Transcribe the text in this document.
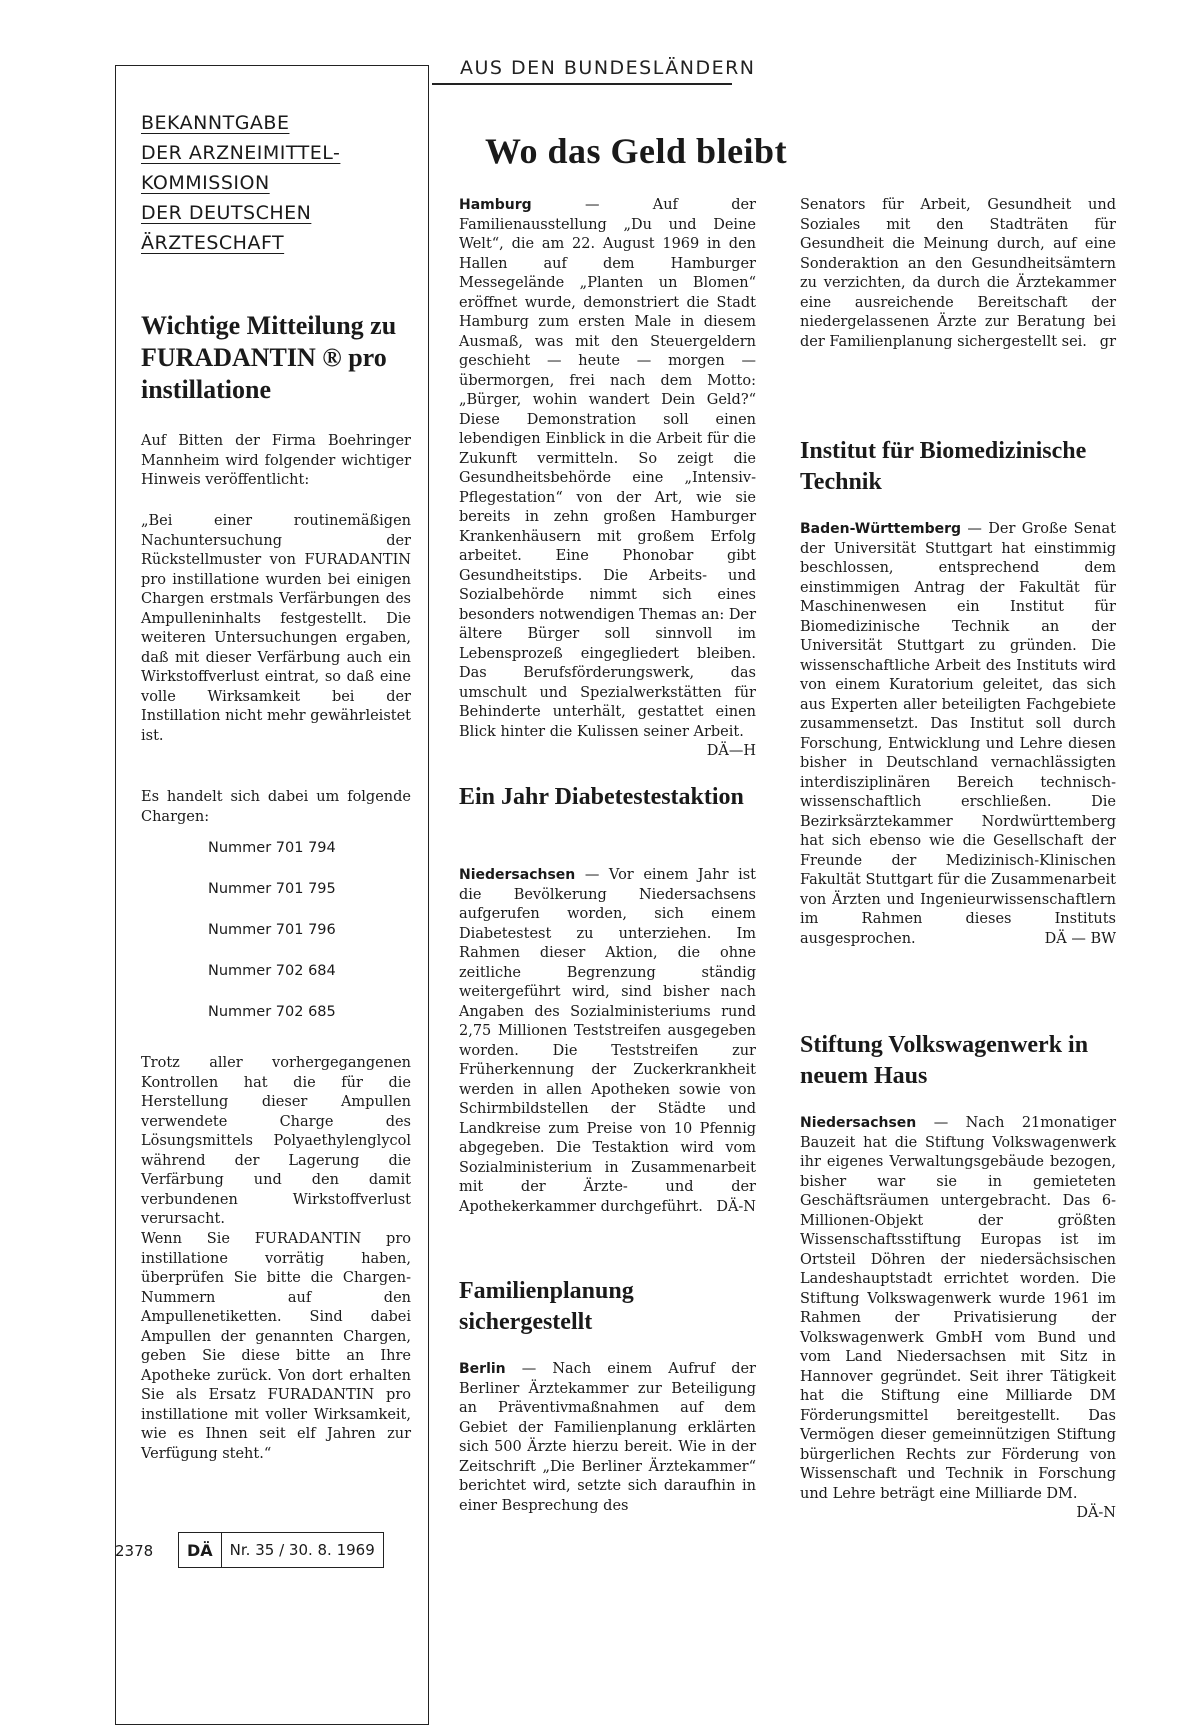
AUS DEN BUNDESLÄNDERN
BEKANNTGABE
DER ARZNEIMITTEL-
KOMMISSION
DER DEUTSCHEN
ÄRZTESCHAFT
Wichtige Mitteilung zu FURADANTIN ® pro instillatione

Auf Bitten der Firma Boehringer Mannheim wird folgender wichtiger Hinweis veröffentlicht:

„Bei einer routinemäßigen Nachuntersuchung der Rückstellmuster von FURADANTIN pro instillatione wurden bei einigen Chargen erstmals Verfärbungen des Ampulleninhalts festgestellt. Die weiteren Untersuchungen ergaben, daß mit dieser Verfärbung auch ein Wirkstoffverlust eintrat, so daß eine volle Wirksamkeit bei der Instillation nicht mehr gewährleistet ist.

Es handelt sich dabei um folgende Chargen:

Nummer 701 794
Nummer 701 795
Nummer 701 796
Nummer 702 684
Nummer 702 685

Trotz aller vorhergegangenen Kontrollen hat die für die Herstellung dieser Ampullen verwendete Charge des Lösungsmittels Polyaethylenglycol während der Lagerung die Verfärbung und den damit verbundenen Wirkstoffverlust verursacht.

Wenn Sie FURADANTIN pro instillatione vorrätig haben, überprüfen Sie bitte die Chargen-Nummern auf den Ampullenetiketten. Sind dabei Ampullen der genannten Chargen, geben Sie diese bitte an Ihre Apotheke zurück. Von dort erhalten Sie als Ersatz FURADANTIN pro instillatione mit voller Wirksamkeit, wie es Ihnen seit elf Jahren zur Verfügung steht.“

Wo das Geld bleibt

Hamburg — Auf der Familienausstellung „Du und Deine Welt“, die am 22. August 1969 in den Hallen auf dem Hamburger Messegelände „Planten un Blomen“ eröffnet wurde, demonstriert die Stadt Hamburg zum ersten Male in diesem Ausmaß, was mit den Steuergeldern geschieht — heute — morgen — übermorgen, frei nach dem Motto: „Bürger, wohin wandert Dein Geld?“ Diese Demonstration soll einen lebendigen Einblick in die Arbeit für die Zukunft vermitteln. So zeigt die Gesundheitsbehörde eine „Intensiv-Pflegestation“ von der Art, wie sie bereits in zehn großen Hamburger Krankenhäusern mit großem Erfolg arbeitet. Eine Phonobar gibt Gesundheitstips. Die Arbeits- und Sozialbehörde nimmt sich eines besonders notwendigen Themas an: Der ältere Bürger soll sinnvoll im Lebensprozeß eingegliedert bleiben. Das Berufsförderungswerk, das umschult und Spezialwerkstätten für Behinderte unterhält, gestattet einen Blick hinter die Kulissen seiner Arbeit.
DÄ—H

Ein Jahr Diabetestestaktion

Niedersachsen — Vor einem Jahr ist die Bevölkerung Niedersachsens aufgerufen worden, sich einem Diabetestest zu unterziehen. Im Rahmen dieser Aktion, die ohne zeitliche Begrenzung ständig weitergeführt wird, sind bisher nach Angaben des Sozialministeriums rund 2,75 Millionen Teststreifen ausgegeben worden. Die Teststreifen zur Früherkennung der Zuckerkrankheit werden in allen Apotheken sowie von Schirmbildstellen der Städte und Landkreise zum Preise von 10 Pfennig abgegeben. Die Testaktion wird vom Sozialministerium in Zusammenarbeit mit der Ärzte- und der Apothekerkammer durchgeführt. DÄ-N

Familienplanung sichergestellt

Berlin — Nach einem Aufruf der Berliner Ärztekammer zur Beteiligung an Präventivmaßnahmen auf dem Gebiet der Familienplanung erklärten sich 500 Ärzte hierzu bereit. Wie in der Zeitschrift „Die Berliner Ärztekammer“ berichtet wird, setzte sich daraufhin in einer Besprechung des

Senators für Arbeit, Gesundheit und Soziales mit den Stadträten für Gesundheit die Meinung durch, auf eine Sonderaktion an den Gesundheitsämtern zu verzichten, da durch die Ärztekammer eine ausreichende Bereitschaft der niedergelassenen Ärzte zur Beratung bei der Familienplanung sichergestellt sei. gr

Institut für Biomedizinische Technik

Baden-Württemberg — Der Große Senat der Universität Stuttgart hat einstimmig beschlossen, entsprechend dem einstimmigen Antrag der Fakultät für Maschinenwesen ein Institut für Biomedizinische Technik an der Universität Stuttgart zu gründen. Die wissenschaftliche Arbeit des Instituts wird von einem Kuratorium geleitet, das sich aus Experten aller beteiligten Fachgebiete zusammensetzt. Das Institut soll durch Forschung, Entwicklung und Lehre diesen bisher in Deutschland vernachlässigten interdisziplinären Bereich technisch-wissenschaftlich erschließen. Die Bezirksärztekammer Nordwürttemberg hat sich ebenso wie die Gesellschaft der Freunde der Medizinisch-Klinischen Fakultät Stuttgart für die Zusammenarbeit von Ärzten und Ingenieurwissenschaftlern im Rahmen dieses Instituts ausgesprochen.	DÄ — BW

Stiftung Volkswagenwerk in neuem Haus

Niedersachsen — Nach 21monatiger Bauzeit hat die Stiftung Volkswagenwerk ihr eigenes Verwaltungsgebäude bezogen, bisher war sie in gemieteten Geschäftsräumen untergebracht. Das 6-Millionen-Objekt der größten Wissenschaftsstiftung Europas ist im Ortsteil Döhren der niedersächsischen Landeshauptstadt errichtet worden. Die Stiftung Volkswagenwerk wurde 1961 im Rahmen der Privatisierung der Volkswagenwerk GmbH vom Bund und vom Land Niedersachsen mit Sitz in Hannover gegründet. Seit ihrer Tätigkeit hat die Stiftung eine Milliarde DM Förderungsmittel bereitgestellt. Das Vermögen dieser gemeinnützigen Stiftung bürgerlichen Rechts zur Förderung von Wissenschaft und Technik in Forschung und Lehre beträgt eine Milliarde DM.
DÄ-N

2378	DÄ	Nr. 35 / 30. 8. 1969
